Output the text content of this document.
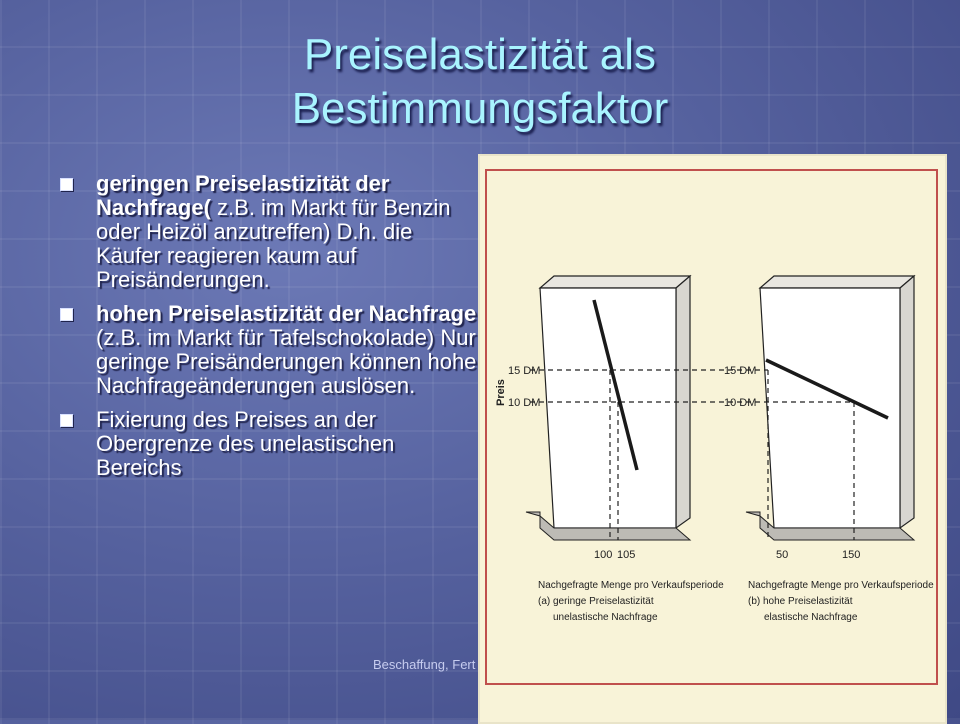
Preiselastizität als
Bestimmungsfaktor
geringen Preiselastizität der Nachfrage( z.B. im Markt für Benzin oder Heizöl anzutreffen) D.h. die Käufer reagieren kaum auf Preisänderungen.
hohen Preiselastizität der Nachfrage (z.B. im Markt für Tafelschokolade) Nur geringe Preisänderungen können hohe Nachfrageänderungen auslösen.
Fixierung des Preises an der Obergrenze des unelastischen Bereichs
Beschaffung, Fert
Preis
15 DM
10 DM
15 DM
10 DM
100 105	50	150
Nachgefragte Menge pro Verkaufsperiode
(a) geringe Preiselastizität
unelastische Nachfrage
Nachgefragte Menge pro Verkaufsperiode
(b) hohe Preiselastizität
elastische Nachfrage
